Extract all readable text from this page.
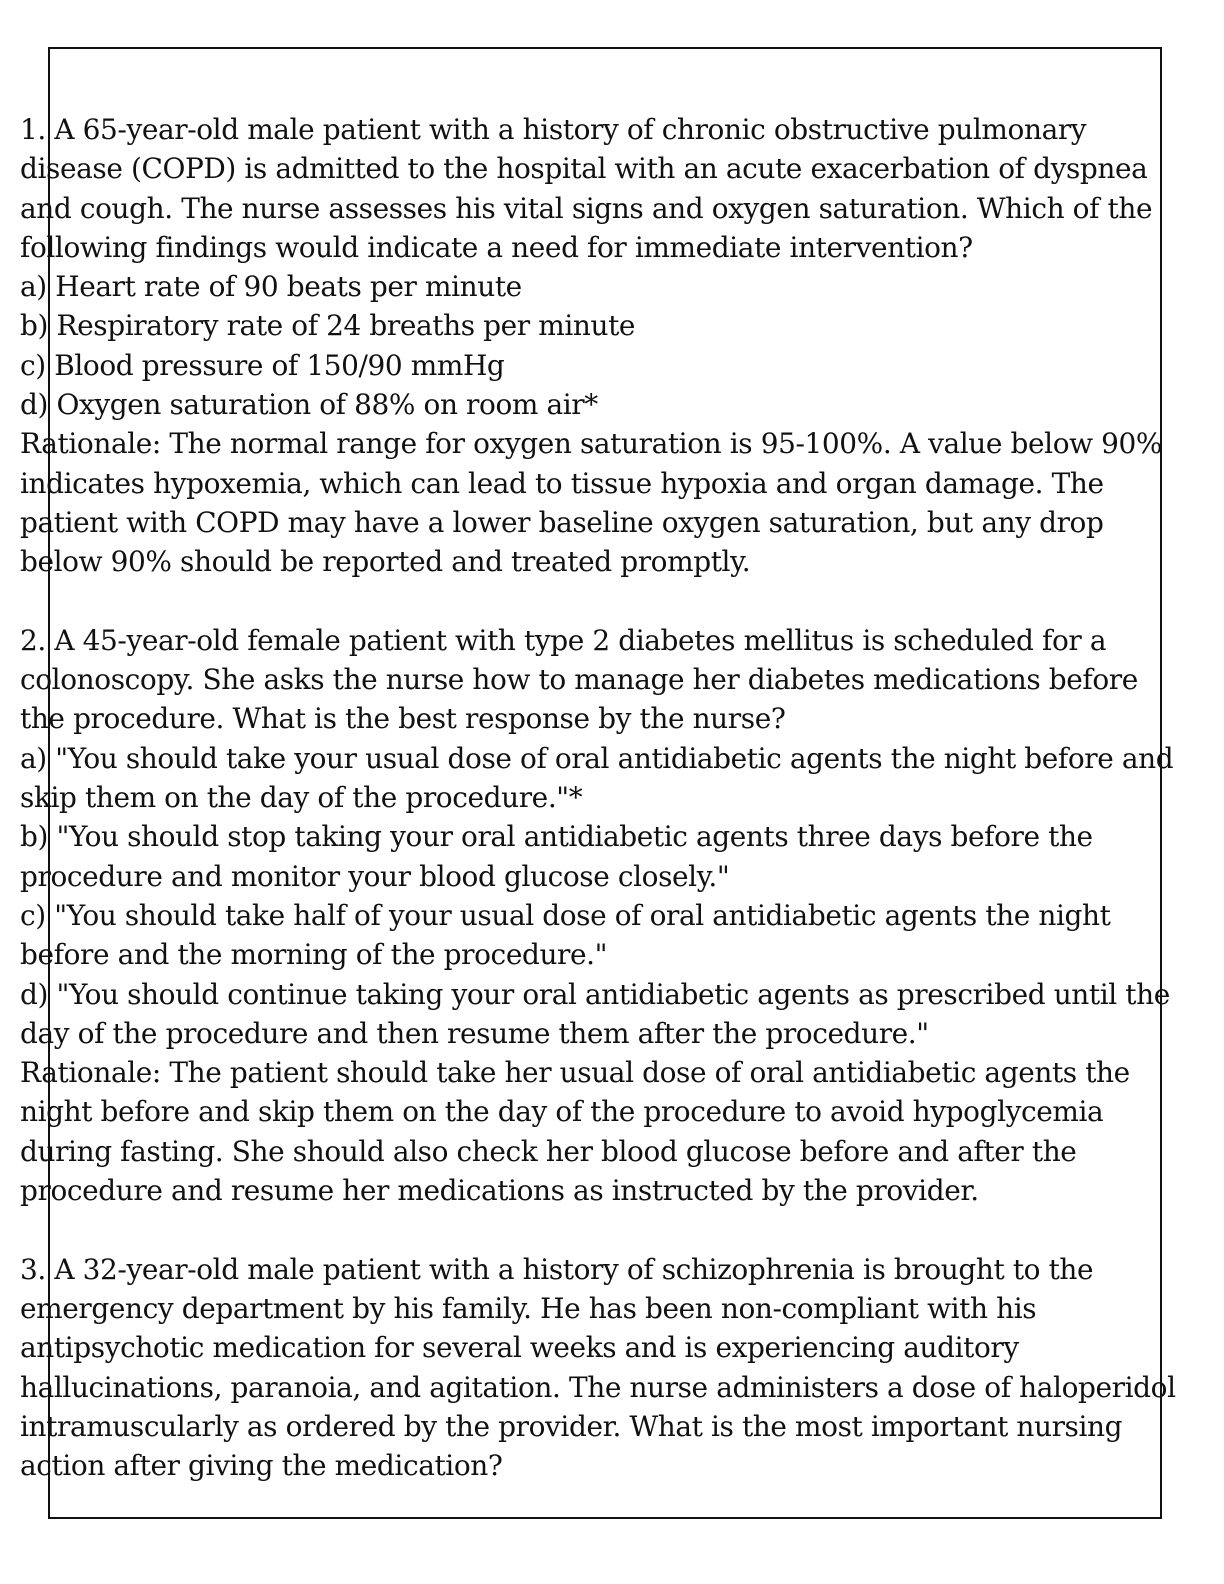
1. A 65-year-old male patient with a history of chronic obstructive pulmonary

disease (COPD) is admitted to the hospital with an acute exacerbation of dyspnea

and cough. The nurse assesses his vital signs and oxygen saturation. Which of the

following findings would indicate a need for immediate intervention?

a) Heart rate of 90 beats per minute

b) Respiratory rate of 24 breaths per minute

c) Blood pressure of 150/90 mmHg

d) Oxygen saturation of 88% on room air*

Rationale: The normal range for oxygen saturation is 95-100%. A value below 90%

indicates hypoxemia, which can lead to tissue hypoxia and organ damage. The

patient with COPD may have a lower baseline oxygen saturation, but any drop

below 90% should be reported and treated promptly.

2. A 45-year-old female patient with type 2 diabetes mellitus is scheduled for a

colonoscopy. She asks the nurse how to manage her diabetes medications before

the procedure. What is the best response by the nurse?

a) "You should take your usual dose of oral antidiabetic agents the night before and

skip them on the day of the procedure."*

b) "You should stop taking your oral antidiabetic agents three days before the

procedure and monitor your blood glucose closely."

c) "You should take half of your usual dose of oral antidiabetic agents the night

before and the morning of the procedure."

d) "You should continue taking your oral antidiabetic agents as prescribed until the

day of the procedure and then resume them after the procedure."

Rationale: The patient should take her usual dose of oral antidiabetic agents the

night before and skip them on the day of the procedure to avoid hypoglycemia

during fasting. She should also check her blood glucose before and after the

procedure and resume her medications as instructed by the provider.

3. A 32-year-old male patient with a history of schizophrenia is brought to the

emergency department by his family. He has been non-compliant with his

antipsychotic medication for several weeks and is experiencing auditory

hallucinations, paranoia, and agitation. The nurse administers a dose of haloperidol

intramuscularly as ordered by the provider. What is the most important nursing

action after giving the medication?
